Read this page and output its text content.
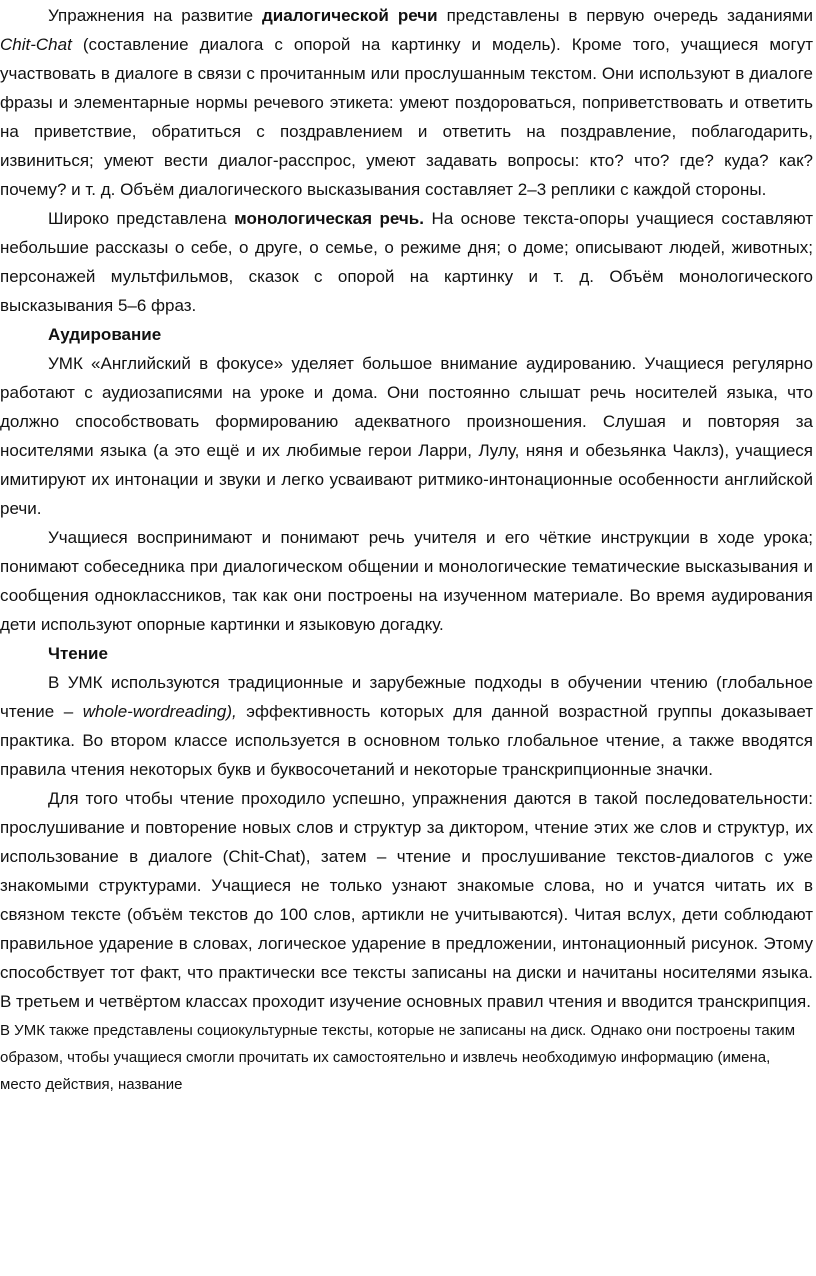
Упражнения на развитие диалогической речи представлены в первую очередь заданиями Chit-Chat (составление диалога с опорой на картинку и модель). Кроме того, учащиеся могут участвовать в диалоге в связи с прочитанным или прослушанным текстом. Они используют в диалоге фразы и элементарные нормы речевого этикета: умеют поздороваться, поприветствовать и ответить на приветствие, обратиться с поздравлением и ответить на поздравление, поблагодарить, извиниться; умеют вести диалог-расспрос, умеют задавать вопросы: кто? что? где? куда? как? почему? и т. д. Объём диалогического высказывания составляет 2–3 реплики с каждой стороны.

Широко представлена монологическая речь. На основе текста-опоры учащиеся составляют небольшие рассказы о себе, о друге, о семье, о режиме дня; о доме; описывают людей, животных; персонажей мультфильмов, сказок с опорой на картинку и т. д. Объём монологического высказывания 5–6 фраз.

Аудирование

УМК «Английский в фокусе» уделяет большое внимание аудированию. Учащиеся регулярно работают с аудиозаписями на уроке и дома. Они постоянно слышат речь носителей языка, что должно способствовать формированию адекватного произношения. Слушая и повторяя за носителями языка (а это ещё и их любимые герои Ларри, Лулу, няня и обезьянка Чаклз), учащиеся имитируют их интонации и звуки и легко усваивают ритмико-интонационные особенности английской речи.

Учащиеся воспринимают и понимают речь учителя и его чёткие инструкции в ходе урока; понимают собеседника при диалогическом общении и монологические тематические высказывания и сообщения одноклассников, так как они построены на изученном материале. Во время аудирования дети используют опорные картинки и языковую догадку.

Чтение

В УМК используются традиционные и зарубежные подходы в обучении чтению (глобальное чтение – whole-wordreading), эффективность которых для данной возрастной группы доказывает практика. Во втором классе используется в основном только глобальное чтение, а также вводятся правила чтения некоторых букв и буквосочетаний и некоторые транскрипционные значки.

Для того чтобы чтение проходило успешно, упражнения даются в такой последовательности: прослушивание и повторение новых слов и структур за диктором, чтение этих же слов и структур, их использование в диалоге (Chit-Chat), затем – чтение и прослушивание текстов-диалогов с уже знакомыми структурами. Учащиеся не только узнают знакомые слова, но и учатся читать их в связном тексте (объём текстов до 100 слов, артикли не учитываются). Читая вслух, дети соблюдают правильное ударение в словах, логическое ударение в предложении, интонационный рисунок. Этому способствует тот факт, что практически все тексты записаны на диски и начитаны носителями языка. В третьем и четвёртом классах проходит изучение основных правил чтения и вводится транскрипция.

В УМК также представлены социокультурные тексты, которые не записаны на диск. Однако они построены таким образом, чтобы учащиеся смогли прочитать их самостоятельно и извлечь необходимую информацию (имена, место действия, название
